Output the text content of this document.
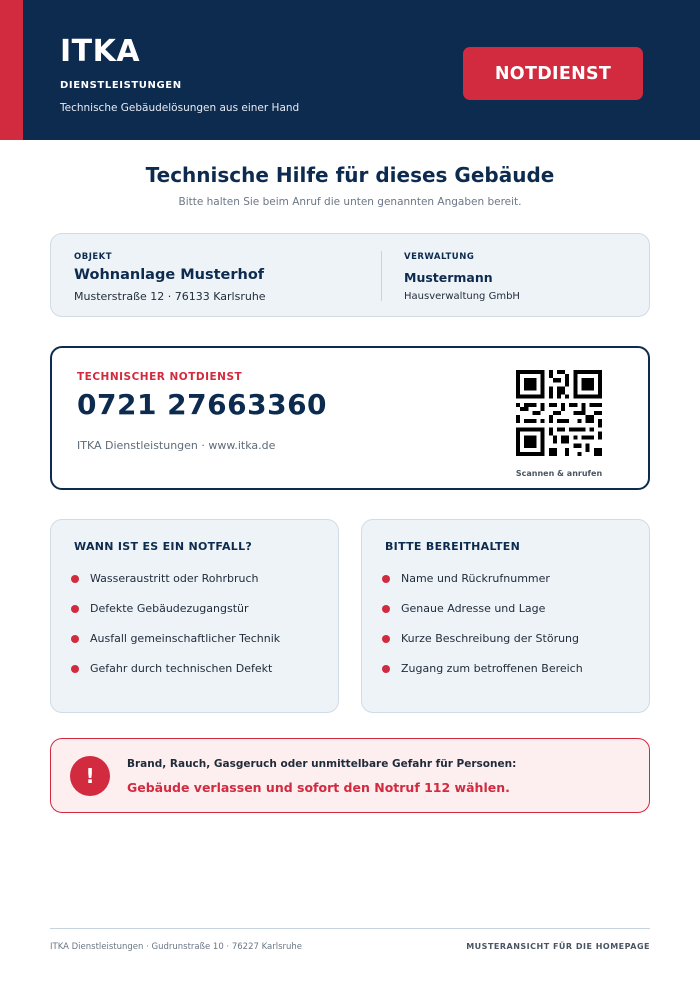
ITKA
DIENSTLEISTUNGEN
Technische Gebäudelösungen aus einer Hand
NOTDIENST
Technische Hilfe für dieses Gebäude
Bitte halten Sie beim Anruf die unten genannten Angaben bereit.
OBJEKT
Wohnanlage Musterhof
Musterstraße 12 · 76133 Karlsruhe
VERWALTUNG
Mustermann
Hausverwaltung GmbH
TECHNISCHER NOTDIENST
0721 27663360
ITKA Dienstleistungen · www.itka.de
Scannen & anrufen
WANN IST ES EIN NOTFALL?
Wasseraustritt oder Rohrbruch
Defekte Gebäudezugangstür
Ausfall gemeinschaftlicher Technik
Gefahr durch technischen Defekt
BITTE BEREITHALTEN
Name und Rückrufnummer
Genaue Adresse und Lage
Kurze Beschreibung der Störung
Zugang zum betroffenen Bereich
!	Brand, Rauch, Gasgeruch oder unmittelbare Gefahr für Personen:
Gebäude verlassen und sofort den Notruf 112 wählen.
ITKA Dienstleistungen · Gudrunstraße 10 · 76227 Karlsruhe	MUSTERANSICHT FÜR DIE HOMEPAGE
